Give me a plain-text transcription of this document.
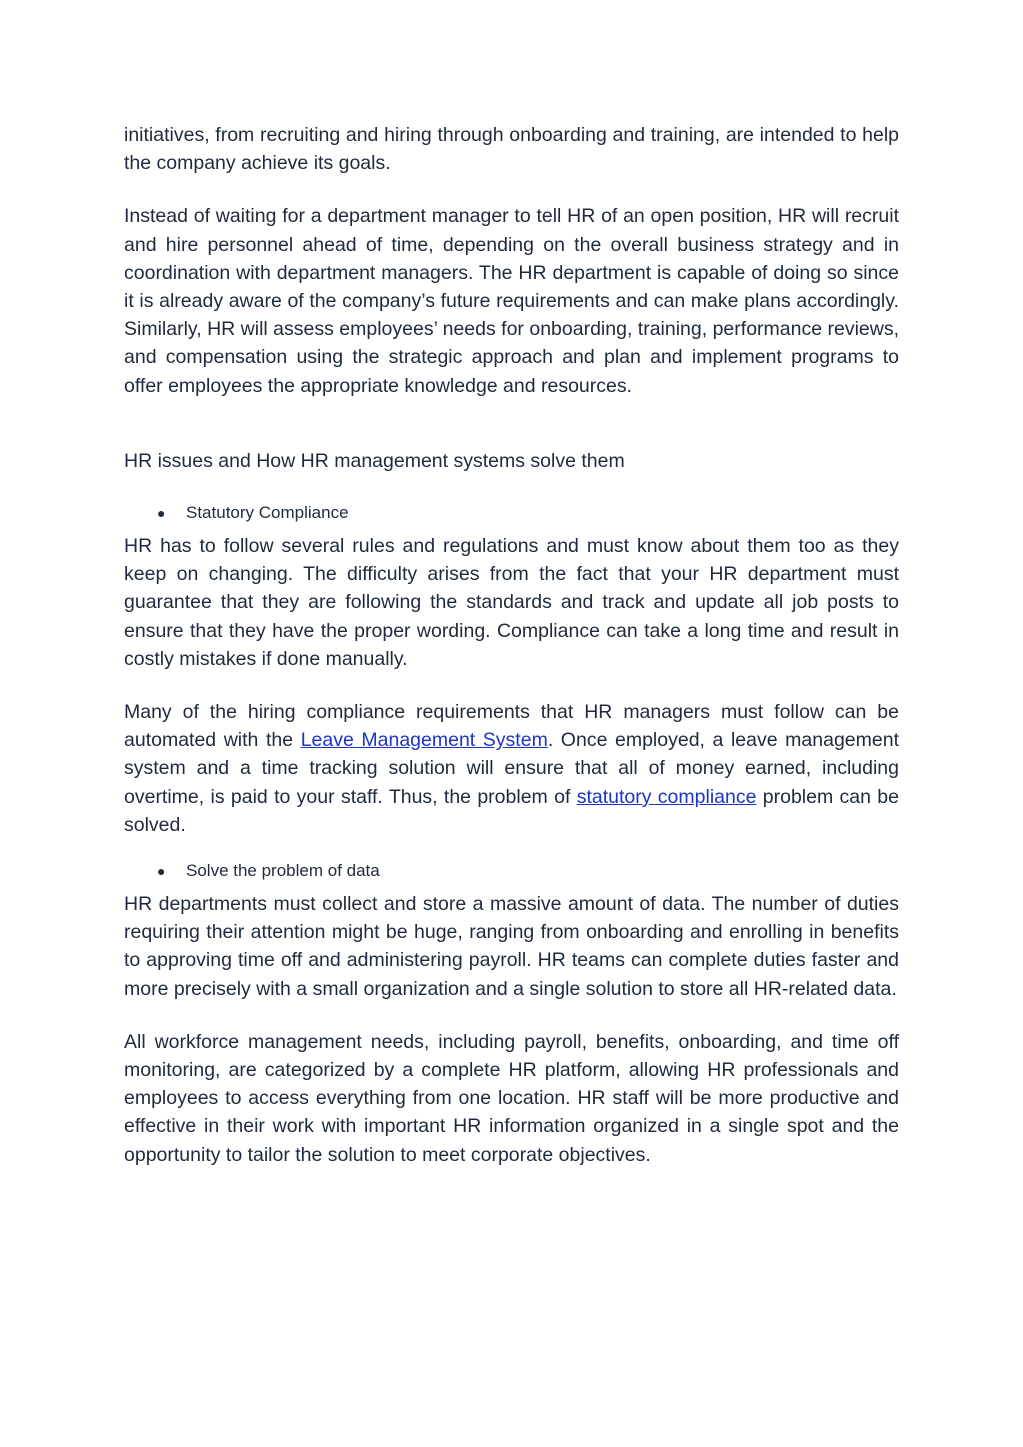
initiatives, from recruiting and hiring through onboarding and training, are intended to help the company achieve its goals.

Instead of waiting for a department manager to tell HR of an open position, HR will recruit and hire personnel ahead of time, depending on the overall business strategy and in coordination with department managers. The HR department is capable of doing so since it is already aware of the company’s future requirements and can make plans accordingly. Similarly, HR will assess employees’ needs for onboarding, training, performance reviews, and compensation using the strategic approach and plan and implement programs to offer employees the appropriate knowledge and resources.

HR issues and How HR management systems solve them

●	Statutory Compliance

HR has to follow several rules and regulations and must know about them too as they keep on changing. The difficulty arises from the fact that your HR department must guarantee that they are following the standards and track and update all job posts to ensure that they have the proper wording. Compliance can take a long time and result in costly mistakes if done manually.

Many of the hiring compliance requirements that HR managers must follow can be automated with the Leave Management System. Once employed, a leave management system and a time tracking solution will ensure that all of money earned, including overtime, is paid to your staff. Thus, the problem of statutory compliance problem can be solved.

●	Solve the problem of data

HR departments must collect and store a massive amount of data. The number of duties requiring their attention might be huge, ranging from onboarding and enrolling in benefits to approving time off and administering payroll. HR teams can complete duties faster and more precisely with a small organization and a single solution to store all HR-related data.

All workforce management needs, including payroll, benefits, onboarding, and time off monitoring, are categorized by a complete HR platform, allowing HR professionals and employees to access everything from one location. HR staff will be more productive and effective in their work with important HR information organized in a single spot and the opportunity to tailor the solution to meet corporate objectives.
